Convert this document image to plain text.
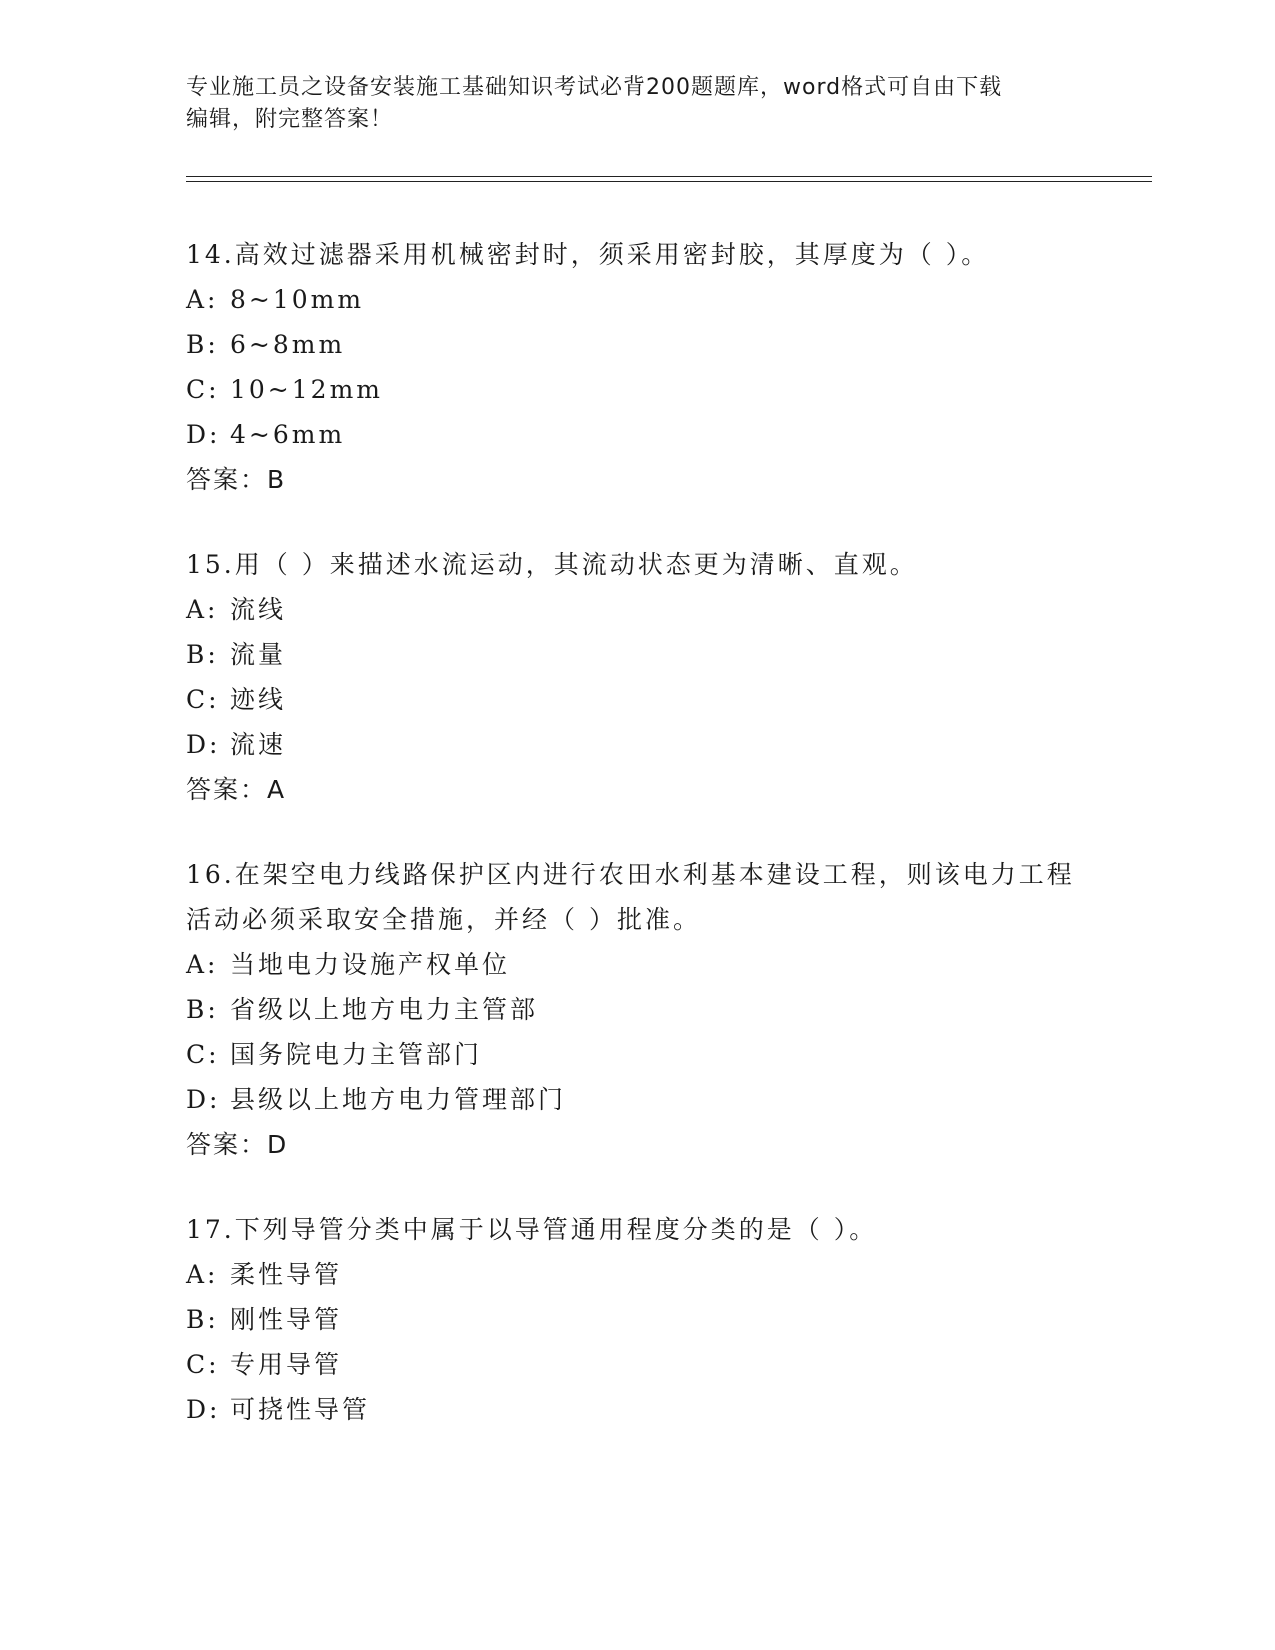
专业施工员之设备安装施工基础知识考试必背200题题库，word格式可自由下载
编辑，附完整答案！
14.高效过滤器采用机械密封时，须采用密封胶，其厚度为（ ）。
A: 8~10mm
B: 6~8mm
C: 10~12mm
D: 4~6mm
答案：B
15.用（ ）来描述水流运动，其流动状态更为清晰、直观。
A: 流线
B: 流量
C: 迹线
D: 流速
答案：A
16.在架空电力线路保护区内进行农田水利基本建设工程，则该电力工程活动必须采取安全措施，并经（ ）批准。
A: 当地电力设施产权单位
B: 省级以上地方电力主管部
C: 国务院电力主管部门
D: 县级以上地方电力管理部门
答案：D
17.下列导管分类中属于以导管通用程度分类的是（ ）。
A: 柔性导管
B: 刚性导管
C: 专用导管
D: 可挠性导管
